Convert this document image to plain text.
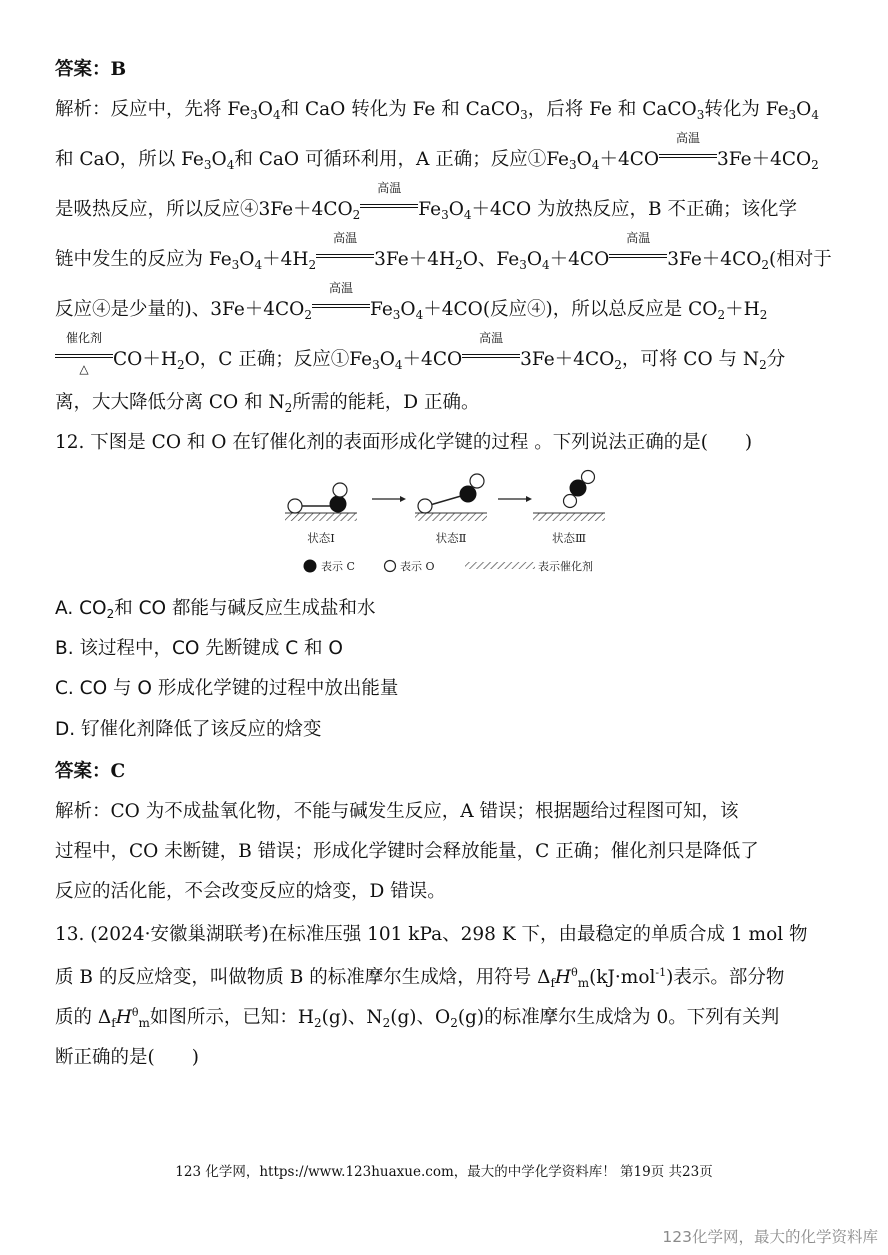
答案：B
解析：反应中，先将 $Fe_3O_4$和 CaO 转化为 Fe 和 CaCO$_3$，后将 Fe 和 CaCO$_3$转化为 $Fe_3O_4$
和 CaO，所以 $Fe_3O_4$和 CaO 可循环利用，A 正确；反应$①Fe_3O_4+4CO$
高温
$3Fe+4CO_2$
是吸热反应，所以反应$④3Fe+4CO_2$
高温
$Fe_3O_4+4CO$ 为放热反应，B 不正确；该化学
链中发生的反应为 $Fe_3O_4+4H_2$
高温
$3Fe+4H_2O$、$Fe_3O_4+4CO$
高温
$3Fe+4CO_2$(相对于
反应④是少量的)、$3Fe+4CO_2$
高温
$Fe_3O_4+4CO$(反应④)，所以总反应是 $CO_2+H_2$
催化剂
△	$CO+H_2O$，C 正确；反应$①Fe_3O_4+4CO$
高温
$3Fe+4CO_2$，可将 CO 与 $N_2$分
离，大大降低分离 CO 和 $N_2$所需的能耗，D 正确。
12. 下图是 CO 和 O 在钌催化剂的表面形成化学键的过程 。下列说法正确的是(　　)
状态Ⅰ	状态Ⅱ	状态Ⅲ
表示 C	表示 O	表示催化剂
A. $CO_2$和 CO 都能与碱反应生成盐和水
B. 该过程中，CO 先断键成 C 和 O
C. CO 与 O 形成化学键的过程中放出能量
D. 钌催化剂降低了该反应的焓变
答案：C
解析：CO 为不成盐氧化物，不能与碱发生反应，A 错误；根据题给过程图可知，该
过程中，CO 未断键，B 错误；形成化学键时会释放能量，C 正确；催化剂只是降低了
反应的活化能，不会改变反应的焓变，D 错误。
13. (2024·安徽巢湖联考)在标准压强 101 kPa、298 K 下，由最稳定的单质合成 1 mol 物
质 B 的反应焓变，叫做物质 B 的标准摩尔生成焓，用符号 $\Delta_fH^\theta_m(kJ\cdot mol^{-1})$表示。部分物
质的 $\Delta_fH^\theta_m$如图所示，已知：$H_2(g)$、$N_2(g)$、$O_2(g)$的标准摩尔生成焓为 0。下列有关判
断正确的是(　　)
123 化学网，https://www.123huaxue.com，最大的中学化学资料库！ 第19页 共23页
123化学网，最大的化学资料库
